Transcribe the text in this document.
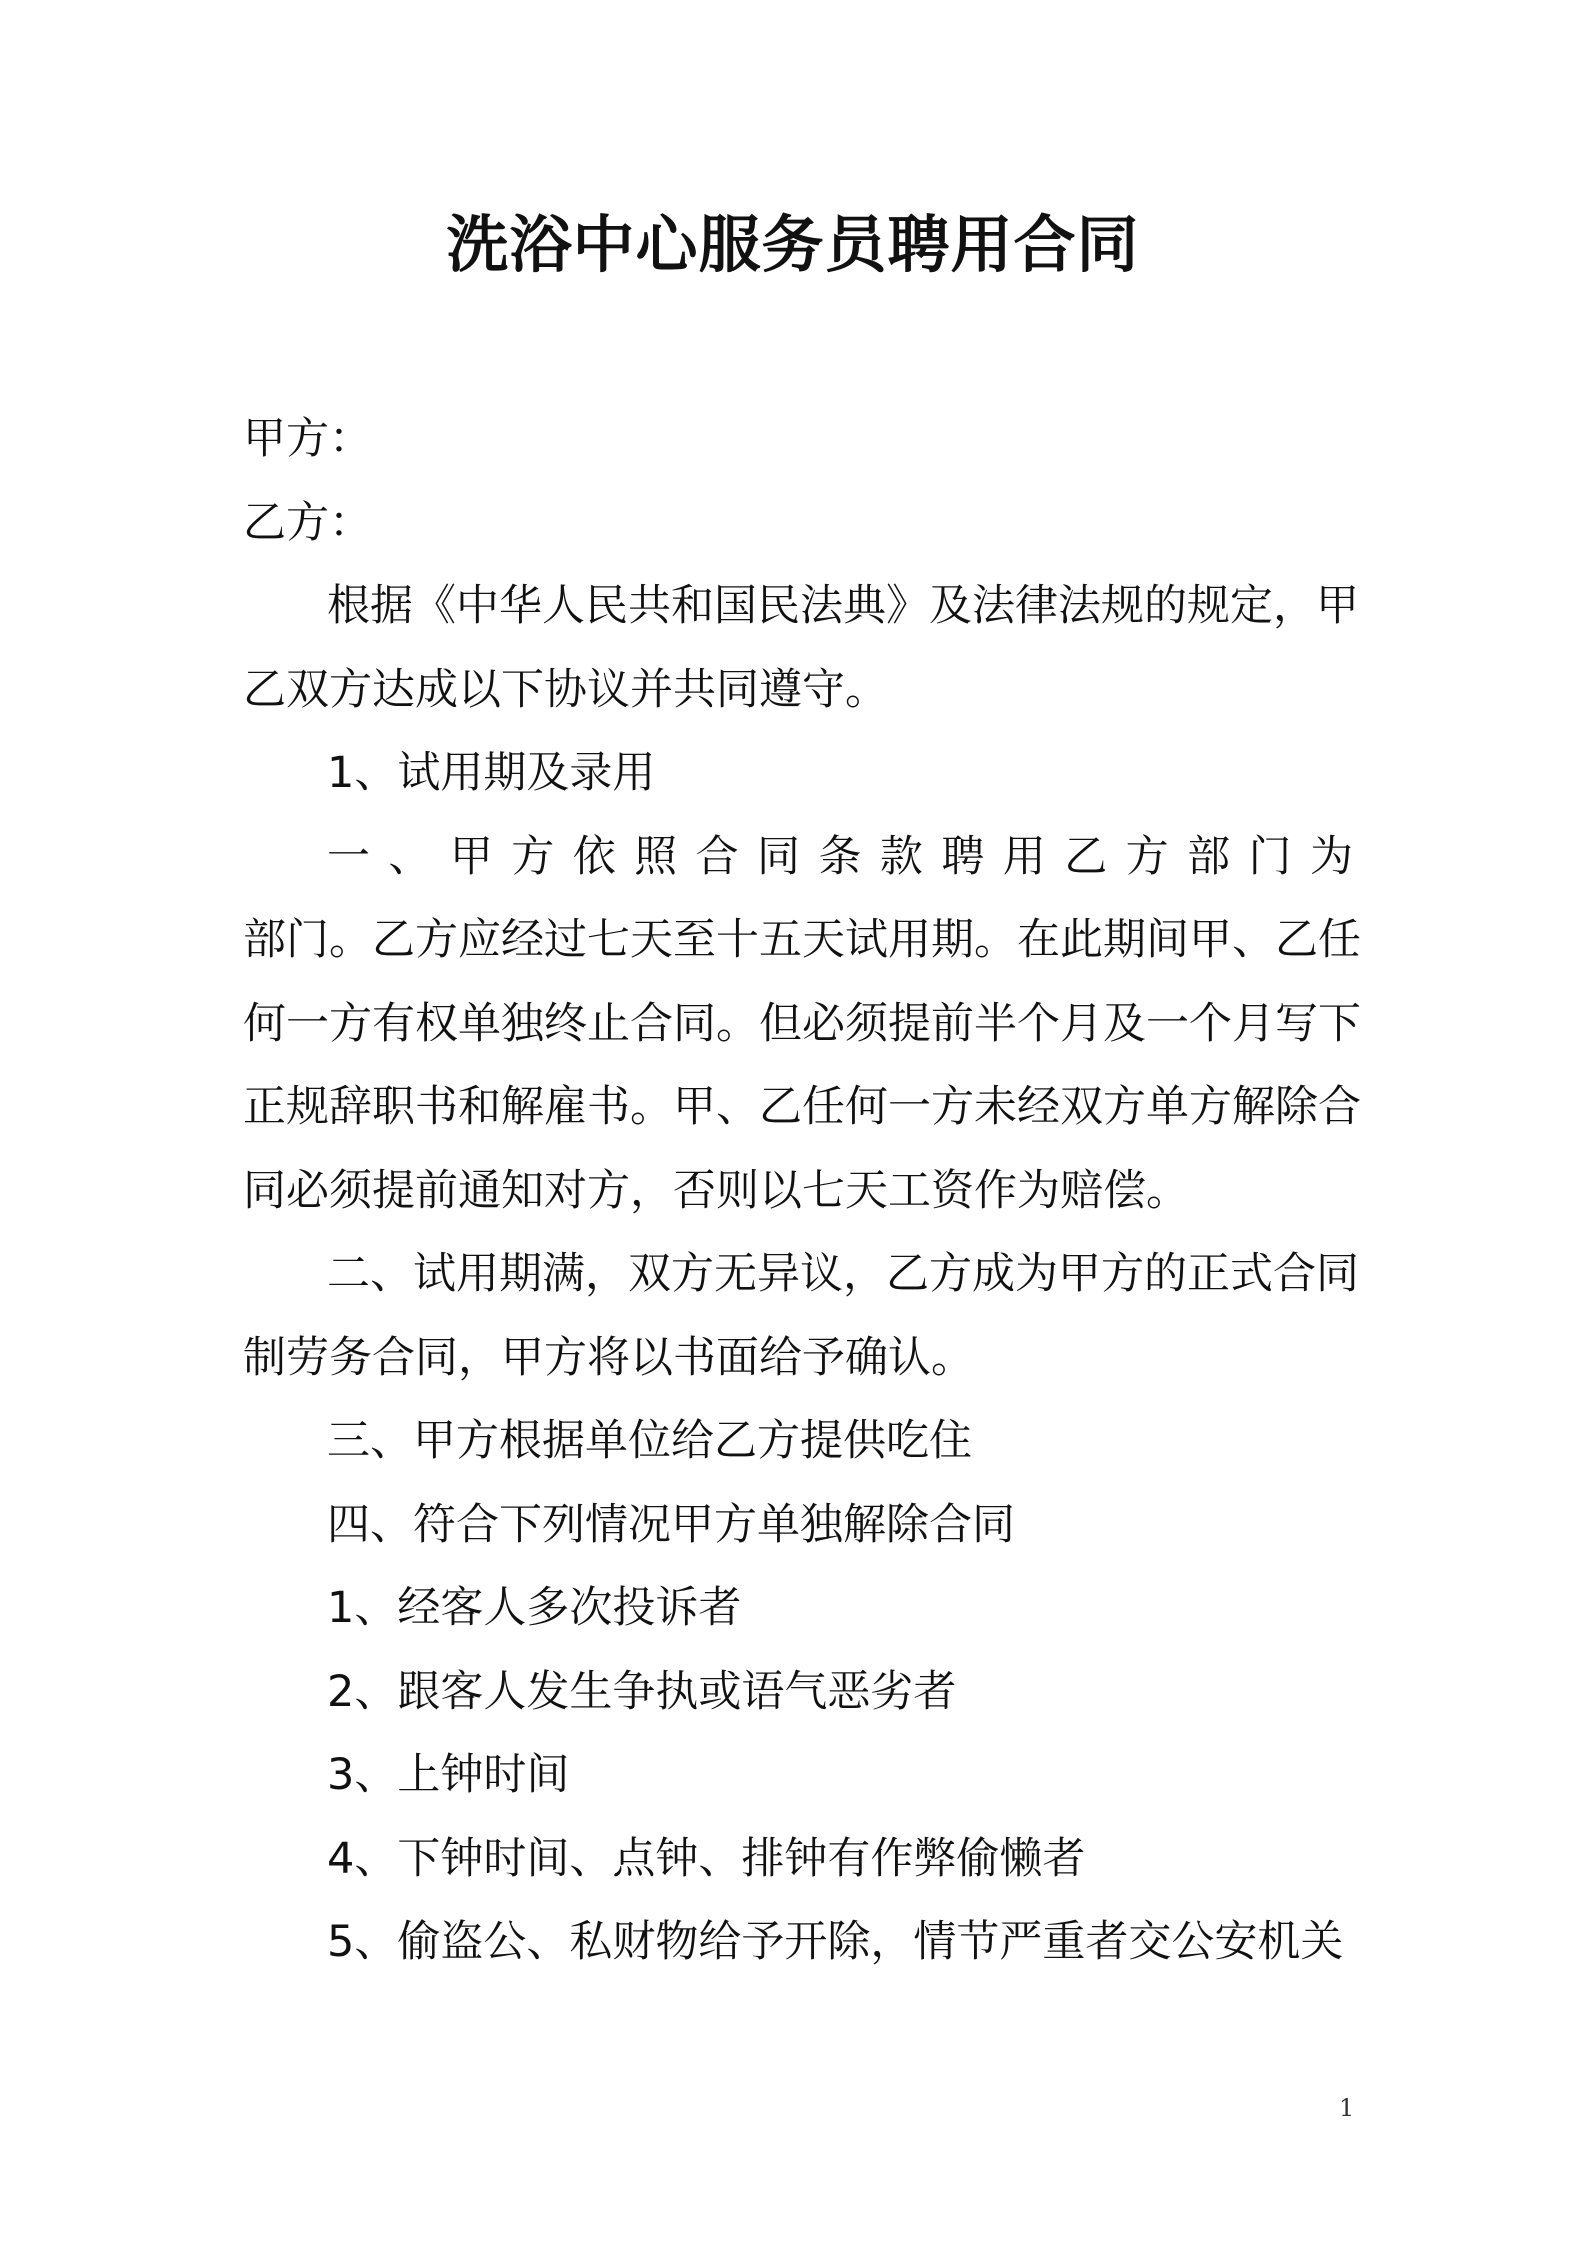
洗浴中心服务员聘用合同
甲方：
乙方：
根据《中华人民共和国民法典》及法律法规的规定，甲
乙双方达成以下协议并共同遵守。
1、试用期及录用
一 、 甲 方 依 照 合 同 条 款 聘 用 乙 方 部 门 为
部门。乙方应经过七天至十五天试用期。在此期间甲、乙任
何一方有权单独终止合同。但必须提前半个月及一个月写下
正规辞职书和解雇书。甲、乙任何一方未经双方单方解除合
同必须提前通知对方，否则以七天工资作为赔偿。
二、试用期满，双方无异议，乙方成为甲方的正式合同
制劳务合同，甲方将以书面给予确认。
三、甲方根据单位给乙方提供吃住
四、符合下列情况甲方单独解除合同
1、经客人多次投诉者
2、跟客人发生争执或语气恶劣者
3、上钟时间
4、下钟时间、点钟、排钟有作弊偷懒者
5、偷盗公、私财物给予开除，情节严重者交公安机关
1
